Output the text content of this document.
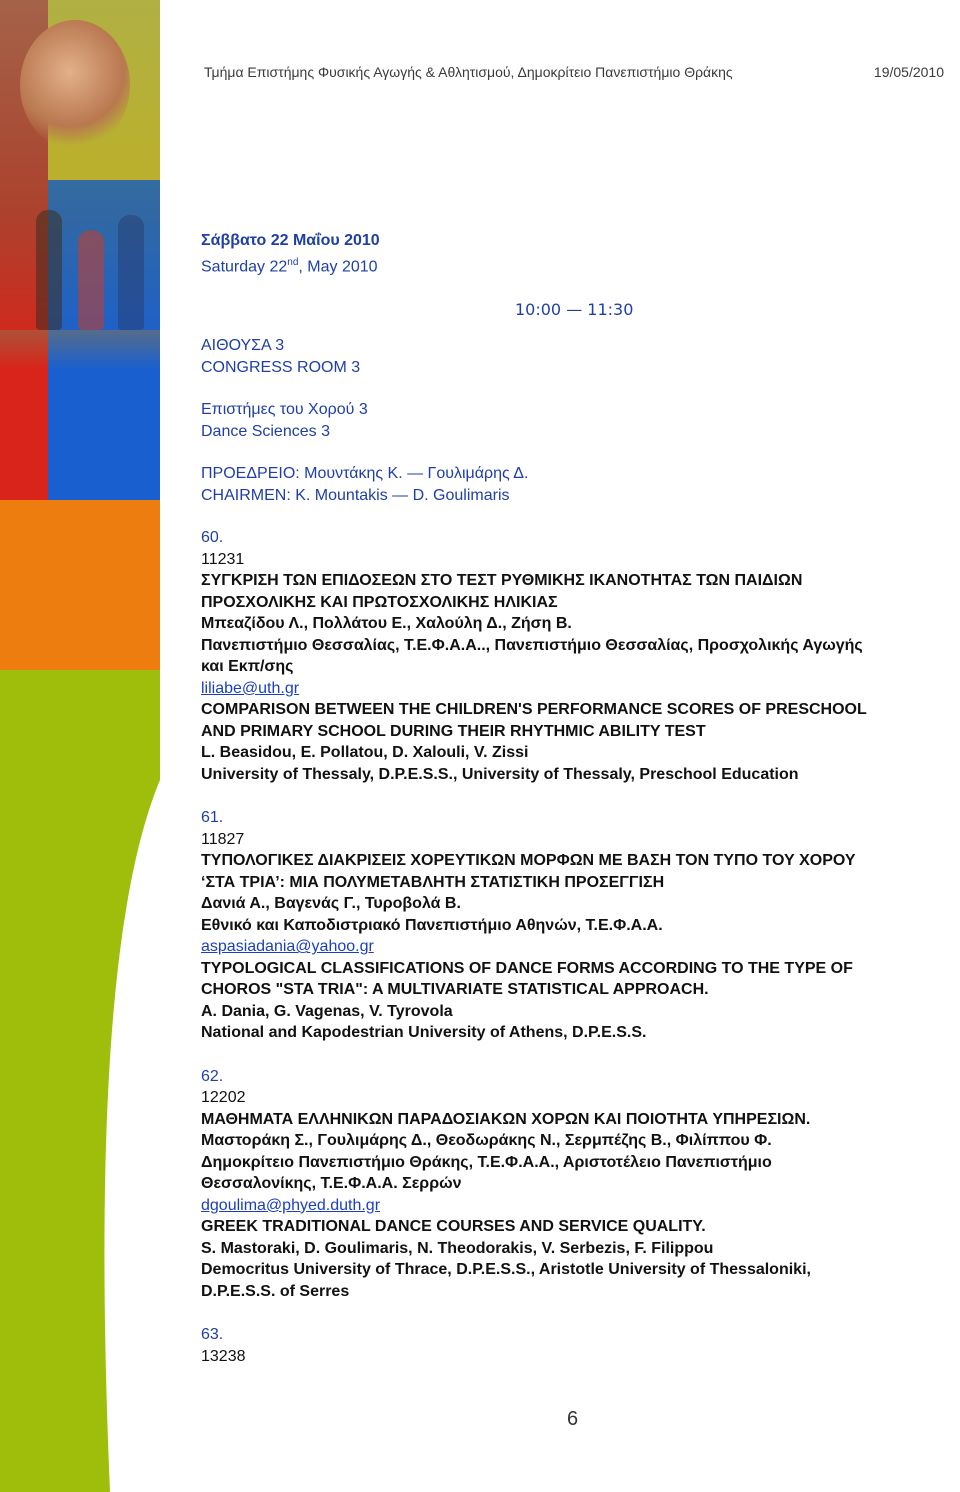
Τμήμα Επιστήμης Φυσικής Αγωγής & Αθλητισμού, Δημοκρίτειο Πανεπιστήμιο Θράκης	19/05/2010
Σάββατο 22 Μαΐου 2010
Saturday 22nd, May 2010
10:00 — 11:30
ΑΙΘΟΥΣΑ 3
CONGRESS ROOM 3
Επιστήμες του Χορού 3
Dance Sciences 3
ΠΡΟΕΔΡΕΙΟ: Μουντάκης Κ. — Γουλιμάρης Δ.
CHAIRMEN: K. Mountakis — D. Goulimaris
60.
11231
ΣΥΓΚΡΙΣΗ ΤΩΝ ΕΠΙΔΟΣΕΩΝ ΣΤΟ ΤΕΣΤ ΡΥΘΜΙΚΗΣ ΙΚΑΝΟΤΗΤΑΣ ΤΩΝ ΠΑΙΔΙΩΝ
ΠΡΟΣΧΟΛΙΚΗΣ ΚΑΙ ΠΡΩΤΟΣΧΟΛΙΚΗΣ ΗΛΙΚΙΑΣ
Μπεαζίδου Λ., Πολλάτου Ε., Χαλούλη Δ., Ζήση Β.
Πανεπιστήμιο Θεσσαλίας, Τ.Ε.Φ.Α.Α.., Πανεπιστήμιο Θεσσαλίας, Προσχολικής Αγωγής
και Εκπ/σης
liliabe@uth.gr
COMPARISON BETWEEN THE CHILDREN'S PERFORMANCE SCORES OF PRESCHOOL
AND PRIMARY SCHOOL DURING THEIR RHYTHMIC ABILITY TEST
L. Beasidou, E. Pollatou, D. Xalouli, V. Zissi
University of Thessaly, D.P.E.S.S., University of Thessaly, Preschool Education
61.
11827
ΤΥΠΟΛΟΓΙΚΕΣ ΔΙΑΚΡΙΣΕΙΣ ΧΟΡΕΥΤΙΚΩΝ ΜΟΡΦΩΝ ΜΕ ΒΑΣΗ ΤΟΝ ΤΥΠΟ ΤΟΥ ΧΟΡΟΥ
‘ΣΤΑ ΤΡΙΑ’: ΜΙΑ ΠΟΛΥΜΕΤΑΒΛΗΤΗ ΣΤΑΤΙΣΤΙΚΗ ΠΡΟΣΕΓΓΙΣΗ
Δανιά Α., Βαγενάς Γ., Τυροβολά Β.
Εθνικό και Καποδιστριακό Πανεπιστήμιο Αθηνών, Τ.Ε.Φ.Α.Α.
aspasiadania@yahoo.gr
TYPOLOGICAL CLASSIFICATIONS OF DANCE FORMS ACCORDING TO THE TYPE OF
CHOROS "STA TRIA": A MULTIVARIATE STATISTICAL APPROACH.
A. Dania, G. Vagenas, V. Tyrovola
National and Kapodestrian University of Athens, D.P.E.S.S.
62.
12202
ΜΑΘΗΜΑΤΑ ΕΛΛΗΝΙΚΩΝ ΠΑΡΑΔΟΣΙΑΚΩΝ ΧΟΡΩΝ ΚΑΙ ΠΟΙΟΤΗΤΑ ΥΠΗΡΕΣΙΩΝ.
Μαστοράκη Σ., Γουλιμάρης Δ., Θεοδωράκης Ν., Σερμπέζης Β., Φιλίππου Φ.
Δημοκρίτειο Πανεπιστήμιο Θράκης, Τ.Ε.Φ.Α.Α., Αριστοτέλειο Πανεπιστήμιο
Θεσσαλονίκης, Τ.Ε.Φ.Α.Α. Σερρών
dgoulima@phyed.duth.gr
GREEK TRADITIONAL DANCE COURSES AND SERVICE QUALITY.
S. Mastoraki, D. Goulimaris, N. Theodorakis, V. Serbezis, F. Filippou
Democritus University of Thrace, D.P.E.S.S., Aristotle University of Thessaloniki,
D.P.E.S.S. of Serres
63.
13238
6
